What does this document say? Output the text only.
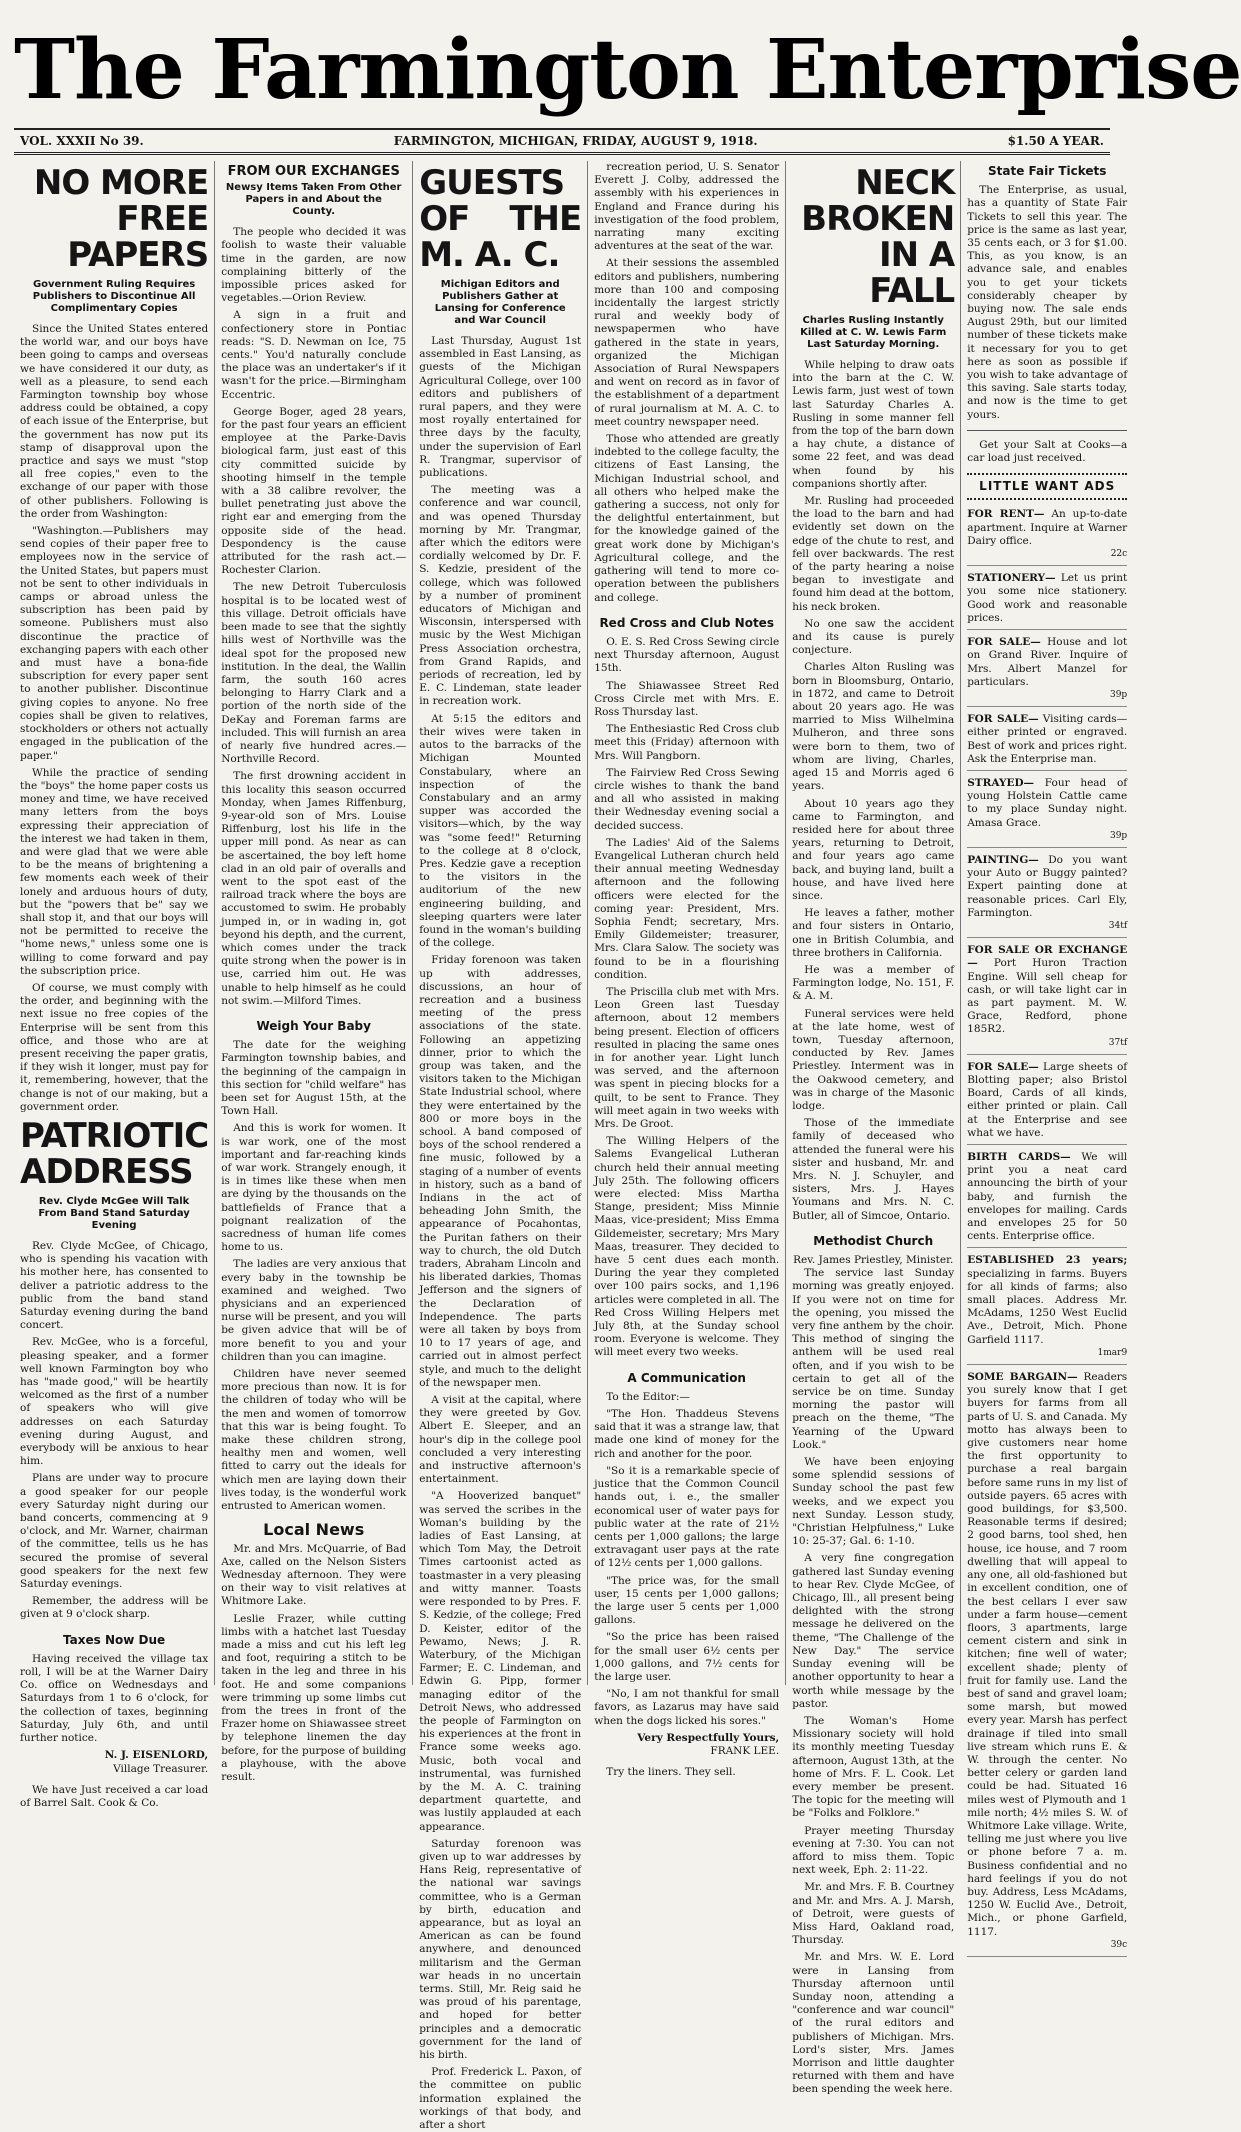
The Farmington Enterprise
VOL. XXXII No 39.	FARMINGTON, MICHIGAN, FRIDAY, AUGUST 9, 1918.	$1.50 A YEAR.
NO MORE FREE PAPERS
Government Ruling Requires Publishers to Discontinue All Complimentary Copies

Since the United States entered the world war, and our boys have been going to camps and overseas we have considered it our duty, as well as a pleasure, to send each Farmington township boy whose address could be obtained, a copy of each issue of the Enterprise, but the government has now put its stamp of disapproval upon the practice and says we must "stop all free copies," even to the exchange of our paper with those of other publishers. Following is the order from Washington:

"Washington.—Publishers may send copies of their paper free to employees now in the service of the United States, but papers must not be sent to other individuals in camps or abroad unless the subscription has been paid by someone. Publishers must also discontinue the practice of exchanging papers with each other and must have a bona-fide subscription for every paper sent to another publisher. Discontinue giving copies to anyone. No free copies shall be given to relatives, stockholders or others not actually engaged in the publication of the paper."

While the practice of sending the "boys" the home paper costs us money and time, we have received many letters from the boys expressing their appreciation of the interest we had taken in them, and were glad that we were able to be the means of brightening a few moments each week of their lonely and arduous hours of duty, but the "powers that be" say we shall stop it, and that our boys will not be permitted to receive the "home news," unless some one is willing to come forward and pay the subscription price.

Of course, we must comply with the order, and beginning with the next issue no free copies of the Enterprise will be sent from this office, and those who are at present receiving the paper gratis, if they wish it longer, must pay for it, remembering, however, that the change is not of our making, but a government order.

PATRIOTIC ADDRESS
Rev. Clyde McGee Will Talk From Band Stand Saturday Evening

Rev. Clyde McGee, of Chicago, who is spending his vacation with his mother here, has consented to deliver a patriotic address to the public from the band stand Saturday evening during the band concert.

Rev. McGee, who is a forceful, pleasing speaker, and a former well known Farmington boy who has "made good," will be heartily welcomed as the first of a number of speakers who will give addresses on each Saturday evening during August, and everybody will be anxious to hear him.

Plans are under way to procure a good speaker for our people every Saturday night during our band concerts, commencing at 9 o'clock, and Mr. Warner, chairman of the committee, tells us he has secured the promise of several good speakers for the next few Saturday evenings.

Remember, the address will be given at 9 o'clock sharp.

Taxes Now Due

Having received the village tax roll, I will be at the Warner Dairy Co. office on Wednesdays and Saturdays from 1 to 6 o'clock, for the collection of taxes, beginning Saturday, July 6th, and until further notice.

N. J. EISENLORD,
Village Treasurer.

We have Just received a car load of Barrel Salt. Cook & Co.

FROM OUR EXCHANGES
Newsy Items Taken From Other Papers in and About the County.

The people who decided it was foolish to waste their valuable time in the garden, are now complaining bitterly of the impossible prices asked for vegetables.—Orion Review.

A sign in a fruit and confectionery store in Pontiac reads: "S. D. Newman on Ice, 75 cents." You'd naturally conclude the place was an undertaker's if it wasn't for the price.—Birmingham Eccentric.

George Boger, aged 28 years, for the past four years an efficient employee at the Parke-Davis biological farm, just east of this city committed suicide by shooting himself in the temple with a 38 calibre revolver, the bullet penetrating just above the right ear and emerging from the opposite side of the head. Despondency is the cause attributed for the rash act.—Rochester Clarion.

The new Detroit Tuberculosis hospital is to be located west of this village. Detroit officials have been made to see that the sightly hills west of Northville was the ideal spot for the proposed new institution. In the deal, the Wallin farm, the south 160 acres belonging to Harry Clark and a portion of the north side of the DeKay and Foreman farms are included. This will furnish an area of nearly five hundred acres.—Northville Record.

The first drowning accident in this locality this season occurred Monday, when James Riffenburg, 9-year-old son of Mrs. Louise Riffenburg, lost his life in the upper mill pond. As near as can be ascertained, the boy left home clad in an old pair of overalls and went to the spot east of the railroad track where the boys are accustomed to swim. He probably jumped in, or in wading in, got beyond his depth, and the current, which comes under the track quite strong when the power is in use, carried him out. He was unable to help himself as he could not swim.—Milford Times.

Weigh Your Baby

The date for the weighing Farmington township babies, and the beginning of the campaign in this section for "child welfare" has been set for August 15th, at the Town Hall.

And this is work for women. It is war work, one of the most important and far-reaching kinds of war work. Strangely enough, it is in times like these when men are dying by the thousands on the battlefields of France that a poignant realization of the sacredness of human life comes home to us.

The ladies are very anxious that every baby in the township be examined and weighed. Two physicians and an experienced nurse will be present, and you will be given advice that will be of more benefit to you and your children than you can imagine.

Children have never seemed more precious than now. It is for the children of today who will be the men and women of tomorrow that this war is being fought. To make these children strong, healthy men and women, well fitted to carry out the ideals for which men are laying down their lives today, is the wonderful work entrusted to American women.

Local News

Mr. and Mrs. McQuarrie, of Bad Axe, called on the Nelson Sisters Wednesday afternoon. They were on their way to visit relatives at Whitmore Lake.

Leslie Frazer, while cutting limbs with a hatchet last Tuesday made a miss and cut his left leg and foot, requiring a stitch to be taken in the leg and three in his foot. He and some companions were trimming up some limbs cut from the trees in front of the Frazer home on Shiawassee street by telephone linemen the day before, for the purpose of building a playhouse, with the above result.

GUESTS OF THE M. A. C.
Michigan Editors and Publishers Gather at Lansing for Conference and War Council

Last Thursday, August 1st assembled in East Lansing, as guests of the Michigan Agricultural College, over 100 editors and publishers of rural papers, and they were most royally entertained for three days by the faculty, under the supervision of Earl R. Trangmar, supervisor of publications.

The meeting was a conference and war council, and was opened Thursday morning by Mr. Trangmar, after which the editors were cordially welcomed by Dr. F. S. Kedzie, president of the college, which was followed by a number of prominent educators of Michigan and Wisconsin, interspersed with music by the West Michigan Press Association orchestra, from Grand Rapids, and periods of recreation, led by E. C. Lindeman, state leader in recreation work.

At 5:15 the editors and their wives were taken in autos to the barracks of the Michigan Mounted Constabulary, where an inspection of the Constabulary and an army supper was accorded the visitors—which, by the way was "some feed!" Returning to the college at 8 o'clock, Pres. Kedzie gave a reception to the visitors in the auditorium of the new engineering building, and sleeping quarters were later found in the woman's building of the college.

Friday forenoon was taken up with addresses, discussions, an hour of recreation and a business meeting of the press associations of the state. Following an appetizing dinner, prior to which the group was taken, and the visitors taken to the Michigan State Industrial school, where they were entertained by the 800 or more boys in the school. A band composed of boys of the school rendered a fine music, followed by a staging of a number of events in history, such as a band of Indians in the act of beheading John Smith, the appearance of Pocahontas, the Puritan fathers on their way to church, the old Dutch traders, Abraham Lincoln and his liberated darkies, Thomas Jefferson and the signers of the Declaration of Independence. The parts were all taken by boys from 10 to 17 years of age, and carried out in almost perfect style, and much to the delight of the newspaper men.

A visit at the capital, where they were greeted by Gov. Albert E. Sleeper, and an hour's dip in the college pool concluded a very interesting and instructive afternoon's entertainment.

"A Hooverized banquet" was served the scribes in the Woman's building by the ladies of East Lansing, at which Tom May, the Detroit Times cartoonist acted as toastmaster in a very pleasing and witty manner. Toasts were responded to by Pres. F. S. Kedzie, of the college; Fred D. Keister, editor of the Pewamo, News; J. R. Waterbury, of the Michigan Farmer; E. C. Lindeman, and Edwin G. Pipp, former managing editor of the Detroit News, who addressed the people of Farmington on his experiences at the front in France some weeks ago. Music, both vocal and instrumental, was furnished by the M. A. C. training department quartette, and was lustily applauded at each appearance.

Saturday forenoon was given up to war addresses by Hans Reig, representative of the national war savings committee, who is a German by birth, education and appearance, but as loyal an American as can be found anywhere, and denounced militarism and the German war heads in no uncertain terms. Still, Mr. Reig said he was proud of his parentage, and hoped for better principles and a democratic government for the land of his birth.

Prof. Frederick L. Paxon, of the committee on public information explained the workings of that body, and after a short

recreation period, U. S. Senator Everett J. Colby, addressed the assembly with his experiences in England and France during his investigation of the food problem, narrating many exciting adventures at the seat of the war.

At their sessions the assembled editors and publishers, numbering more than 100 and composing incidentally the largest strictly rural and weekly body of newspapermen who have gathered in the state in years, organized the Michigan Association of Rural Newspapers and went on record as in favor of the establishment of a department of rural journalism at M. A. C. to meet country newspaper need.

Those who attended are greatly indebted to the college faculty, the citizens of East Lansing, the Michigan Industrial school, and all others who helped make the gathering a success, not only for the delightful entertainment, but for the knowledge gained of the great work done by Michigan's Agricultural college, and the gathering will tend to more co-operation between the publishers and college.

Red Cross and Club Notes

O. E. S. Red Cross Sewing circle next Thursday afternoon, August 15th.

The Shiawassee Street Red Cross Circle met with Mrs. E. Ross Thursday last.

The Enthesiastic Red Cross club meet this (Friday) afternoon with Mrs. Will Pangborn.

The Fairview Red Cross Sewing circle wishes to thank the band and all who assisted in making their Wednesday evening social a decided success.

The Ladies' Aid of the Salems Evangelical Lutheran church held their annual meeting Wednesday afternoon and the following officers were elected for the coming year: President, Mrs. Sophia Fendt; secretary, Mrs. Emily Gildemeister; treasurer, Mrs. Clara Salow. The society was found to be in a flourishing condition.

The Priscilla club met with Mrs. Leon Green last Tuesday afternoon, about 12 members being present. Election of officers resulted in placing the same ones in for another year. Light lunch was served, and the afternoon was spent in piecing blocks for a quilt, to be sent to France. They will meet again in two weeks with Mrs. De Groot.

The Willing Helpers of the Salems Evangelical Lutheran church held their annual meeting July 25th. The following officers were elected: Miss Martha Stange, president; Miss Minnie Maas, vice-president; Miss Emma Gildemeister, secretary; Mrs Mary Maas, treasurer. They decided to have 5 cent dues each month. During the year they completed over 100 pairs socks, and 1,196 articles were completed in all. The Red Cross Willing Helpers met July 8th, at the Sunday school room. Everyone is welcome. They will meet every two weeks.

A Communication

To the Editor:—

"The Hon. Thaddeus Stevens said that it was a strange law, that made one kind of money for the rich and another for the poor.

"So it is a remarkable specie of justice that the Common Council hands out, i. e., the smaller economical user of water pays for public water at the rate of 21½ cents per 1,000 gallons; the large extravagant user pays at the rate of 12½ cents per 1,000 gallons.

"The price was, for the small user, 15 cents per 1,000 gallons; the large user 5 cents per 1,000 gallons.

"So the price has been raised for the small user 6½ cents per 1,000 gallons, and 7½ cents for the large user.

"No, I am not thankful for small favors, as Lazarus may have said when the dogs licked his sores."

Very Respectfully Yours,
FRANK LEE.

Try the liners. They sell.

NECK BROKEN IN A FALL
Charles Rusling Instantly Killed at C. W. Lewis Farm Last Saturday Morning.

While helping to draw oats into the barn at the C. W. Lewis farm, just west of town last Saturday Charles A. Rusling in some manner fell from the top of the barn down a hay chute, a distance of some 22 feet, and was dead when found by his companions shortly after.

Mr. Rusling had proceeded the load to the barn and had evidently set down on the edge of the chute to rest, and fell over backwards. The rest of the party hearing a noise began to investigate and found him dead at the bottom, his neck broken.

No one saw the accident and its cause is purely conjecture.

Charles Alton Rusling was born in Bloomsburg, Ontario, in 1872, and came to Detroit about 20 years ago. He was married to Miss Wilhelmina Mulheron, and three sons were born to them, two of whom are living, Charles, aged 15 and Morris aged 6 years.

About 10 years ago they came to Farmington, and resided here for about three years, returning to Detroit, and four years ago came back, and buying land, built a house, and have lived here since.

He leaves a father, mother and four sisters in Ontario, one in British Columbia, and three brothers in California.

He was a member of Farmington lodge, No. 151, F. & A. M.

Funeral services were held at the late home, west of town, Tuesday afternoon, conducted by Rev. James Priestley. Interment was in the Oakwood cemetery, and was in charge of the Masonic lodge.

Those of the immediate family of deceased who attended the funeral were his sister and husband, Mr. and Mrs. N. J. Schuyler, and sisters, Mrs. J. Hayes Youmans and Mrs. N. C. Butler, all of Simcoe, Ontario.

Methodist Church
Rev. James Priestley, Minister.

The service last Sunday morning was greatly enjoyed. If you were not on time for the opening, you missed the very fine anthem by the choir. This method of singing the anthem will be used real often, and if you wish to be certain to get all of the service be on time. Sunday morning the pastor will preach on the theme, "The Yearning of the Upward Look."

We have been enjoying some splendid sessions of Sunday school the past few weeks, and we expect you next Sunday. Lesson study, "Christian Helpfulness," Luke 10: 25-37; Gal. 6: 1-10.

A very fine congregation gathered last Sunday evening to hear Rev. Clyde McGee, of Chicago, Ill., all present being delighted with the strong message he delivered on the theme, "The Challenge of the New Day." The service Sunday evening will be another opportunity to hear a worth while message by the pastor.

The Woman's Home Missionary society will hold its monthly meeting Tuesday afternoon, August 13th, at the home of Mrs. F. L. Cook. Let every member be present. The topic for the meeting will be "Folks and Folklore."

Prayer meeting Thursday evening at 7:30. You can not afford to miss them. Topic next week, Eph. 2: 11-22.

Mr. and Mrs. F. B. Courtney and Mr. and Mrs. A. J. Marsh, of Detroit, were guests of Miss Hard, Oakland road, Thursday.

Mr. and Mrs. W. E. Lord were in Lansing from Thursday afternoon until Sunday noon, attending a "conference and war council" of the rural editors and publishers of Michigan. Mrs. Lord's sister, Mrs. James Morrison and little daughter returned with them and have been spending the week here.

State Fair Tickets

The Enterprise, as usual, has a quantity of State Fair Tickets to sell this year. The price is the same as last year, 35 cents each, or 3 for $1.00. This, as you know, is an advance sale, and enables you to get your tickets considerably cheaper by buying now. The sale ends August 29th, but our limited number of these tickets make it necessary for you to get here as soon as possible if you wish to take advantage of this saving. Sale starts today, and now is the time to get yours.

Get your Salt at Cooks—a car load just received.

LITTLE WANT ADS
FOR RENT— An up-to-date apartment. Inquire at Warner Dairy office.
22c
STATIONERY— Let us print you some nice stationery. Good work and reasonable prices.
FOR SALE— House and lot on Grand River. Inquire of Mrs. Albert Manzel for particulars.
39p
FOR SALE— Visiting cards—either printed or engraved. Best of work and prices right. Ask the Enterprise man.
STRAYED— Four head of young Holstein Cattle came to my place Sunday night. Amasa Grace.
39p
PAINTING— Do you want your Auto or Buggy painted? Expert painting done at reasonable prices. Carl Ely, Farmington.
34tf
FOR SALE OR EXCHANGE— Port Huron Traction Engine. Will sell cheap for cash, or will take light car in as part payment. M. W. Grace, Redford, phone 185R2.
37tf
FOR SALE— Large sheets of Blotting paper; also Bristol Board, Cards of all kinds, either printed or plain. Call at the Enterprise and see what we have.
BIRTH CARDS— We will print you a neat card announcing the birth of your baby, and furnish the envelopes for mailing. Cards and envelopes 25 for 50 cents. Enterprise office.
ESTABLISHED 23 years; specializing in farms. Buyers for all kinds of farms; also small places. Address Mr. McAdams, 1250 West Euclid Ave., Detroit, Mich. Phone Garfield 1117.
1mar9
SOME BARGAIN— Readers you surely know that I get buyers for farms from all parts of U. S. and Canada. My motto has always been to give customers near home the first opportunity to purchase a real bargain before same runs in my list of outside payers. 65 acres with good buildings, for $3,500. Reasonable terms if desired; 2 good barns, tool shed, hen house, ice house, and 7 room dwelling that will appeal to any one, all old-fashioned but in excellent condition, one of the best cellars I ever saw under a farm house—cement floors, 3 apartments, large cement cistern and sink in kitchen; fine well of water; excellent shade; plenty of fruit for family use. Land the best of sand and gravel loam; some marsh, but mowed every year. Marsh has perfect drainage if tiled into small live stream which runs E. & W. through the center. No better celery or garden land could be had. Situated 16 miles west of Plymouth and 1 mile north; 4½ miles S. W. of Whitmore Lake village. Write, telling me just where you live or phone before 7 a. m. Business confidential and no hard feelings if you do not buy. Address, Less McAdams, 1250 W. Euclid Ave., Detroit, Mich., or phone Garfield, 1117.
39c
